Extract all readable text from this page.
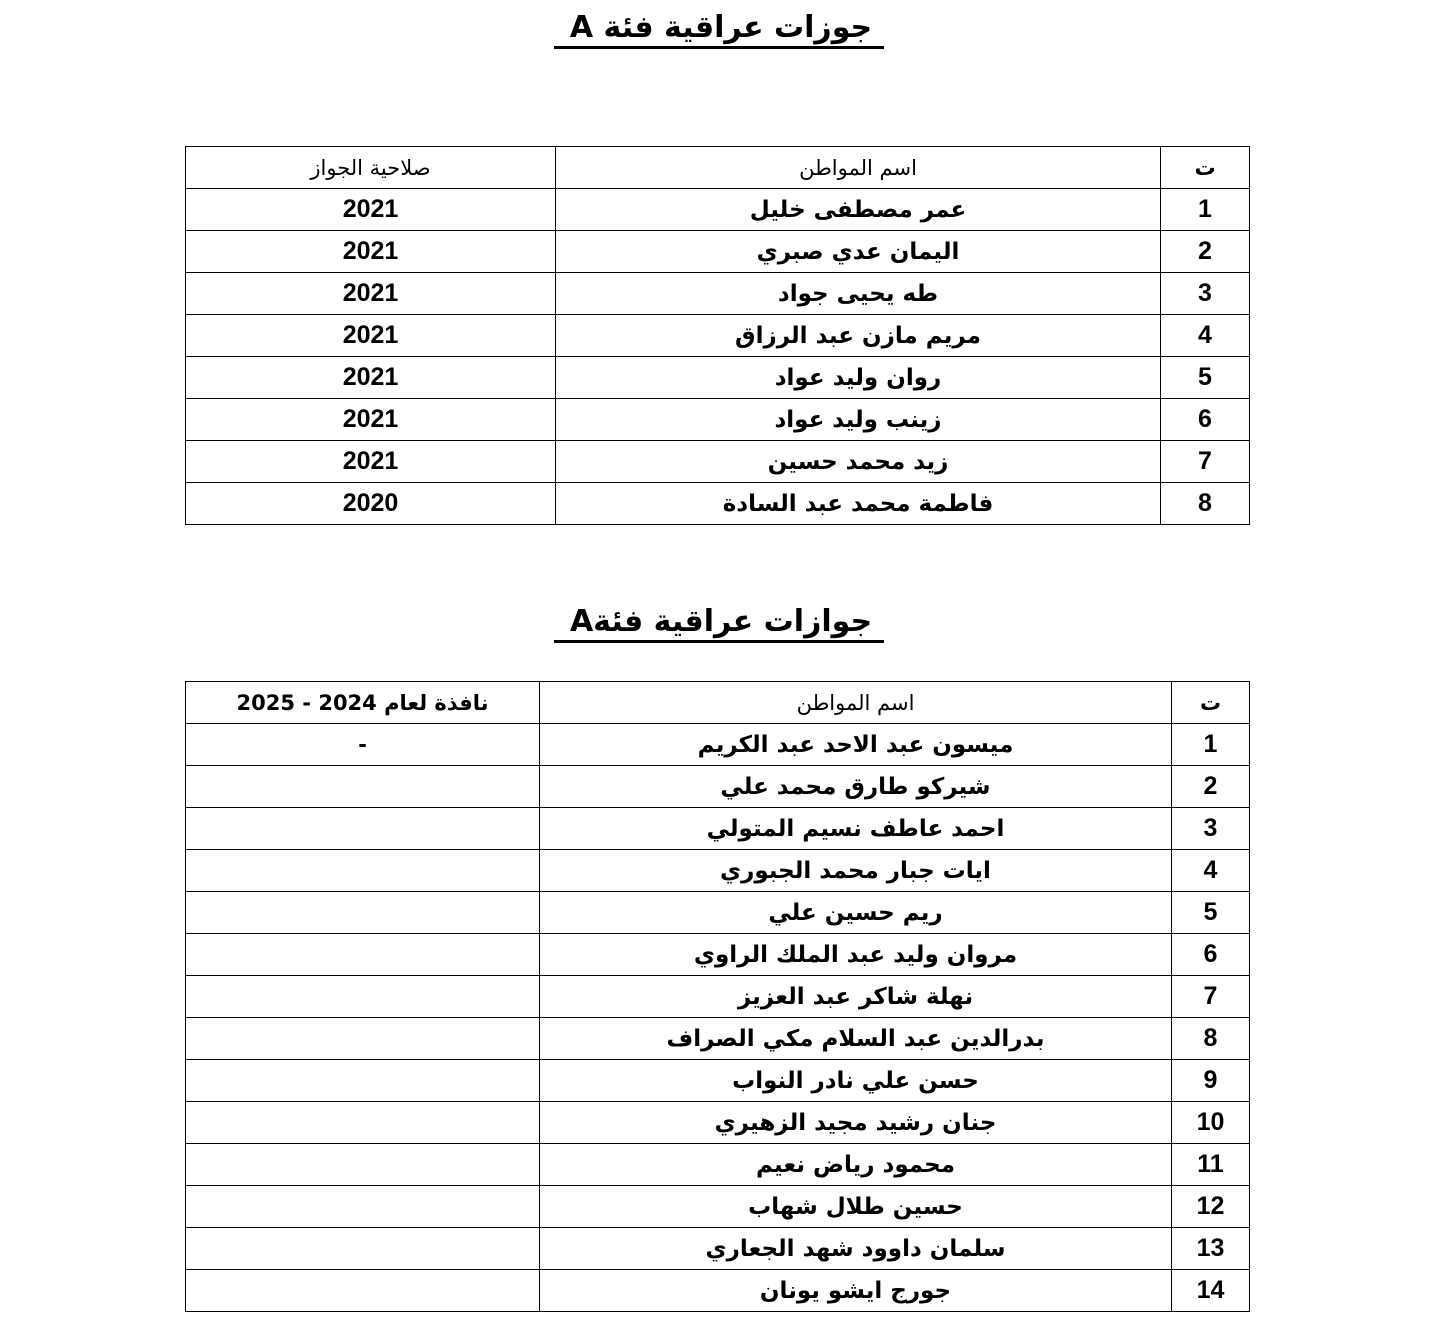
جوزات عراقية فئة A
ت	اسم المواطن	صلاحية الجواز
1	عمر مصطفى خليل	2021
2	اليمان عدي صبري	2021
3	طه يحيى جواد	2021
4	مريم مازن عبد الرزاق	2021
5	روان وليد عواد	2021
6	زينب وليد عواد	2021
7	زيد محمد حسين	2021
8	فاطمة محمد عبد السادة	2020
جوازات عراقية فئةA
ت	اسم المواطن	نافذة لعام 2024 - 2025
1	ميسون عبد الاحد عبد الكريم	-
2	شيركو طارق محمد علي	
3	احمد عاطف نسيم المتولي	
4	ايات جبار محمد الجبوري	
5	ريم حسين علي	
6	مروان وليد عبد الملك الراوي	
7	نهلة شاكر عبد العزيز	
8	بدرالدين عبد السلام مكي الصراف	
9	حسن علي نادر النواب	
10	جنان رشيد مجيد الزهيري	
11	محمود رياض نعيم	
12	حسين طلال شهاب	
13	سلمان داوود شهد الجعاري	
14	جورج ايشو يونان	
